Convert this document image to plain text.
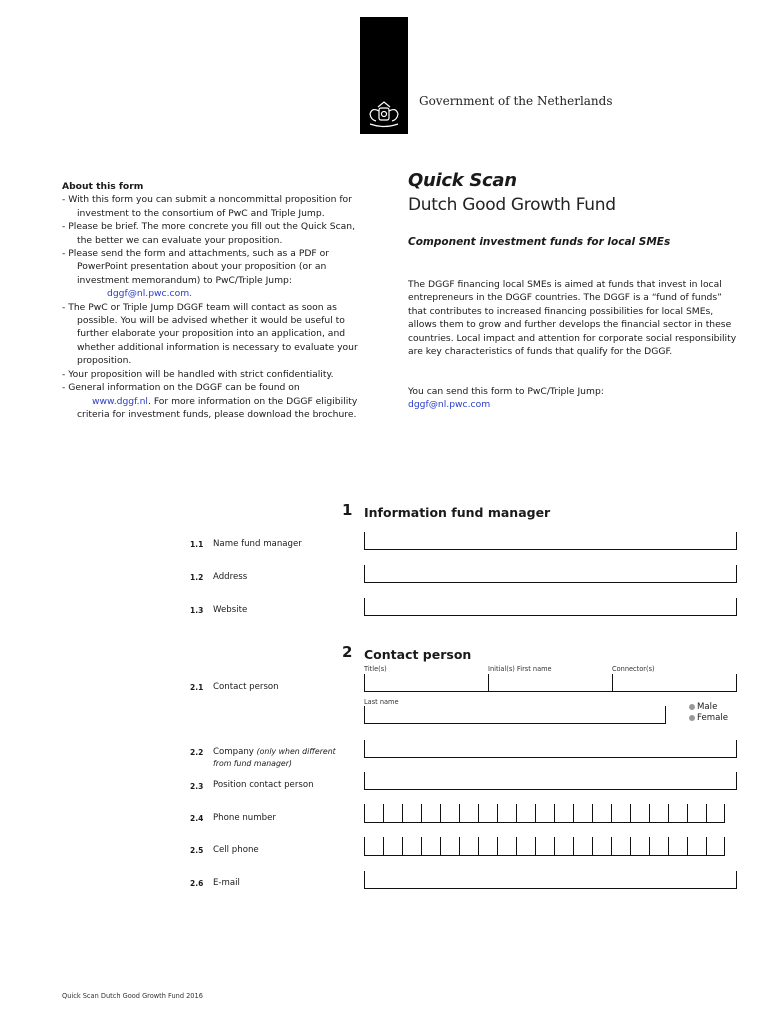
Government of the Netherlands
About this form
- With this form you can submit a noncommittal proposition for investment to the consortium of PwC and Triple Jump.
- Please be brief. The more concrete you fill out the Quick Scan, the better we can evaluate your proposition.
- Please send the form and attachments, such as a PDF or PowerPoint presentation about your proposition (or an investment memorandum) to PwC/Triple Jump:
dggf@nl.pwc.com.
- The PwC or Triple Jump DGGF team will contact as soon as possible. You will be advised whether it would be useful to further elaborate your proposition into an application, and whether additional information is necessary to evaluate your proposition.
- Your proposition will be handled with strict confidentiality.
- General information on the DGGF can be found on
www.dggf.nl. For more information on the DGGF eligibility criteria for investment funds, please download the brochure.
Quick Scan
Dutch Good Growth Fund
Component investment funds for local SMEs
The DGGF financing local SMEs is aimed at funds that invest in local entrepreneurs in the DGGF countries. The DGGF is a “fund of funds” that contributes to increased financing possibilities for local SMEs, allows them to grow and further develops the financial sector in these countries. Local impact and attention for corporate social responsibility are key characteristics of funds that qualify for the DGGF.
You can send this form to PwC/Triple Jump:
dggf@nl.pwc.com
1 Information fund manager
1.1 Name fund manager
1.2 Address
1.3 Website
2 Contact person
Title(s)	Initial(s) First name	Connector(s)
2.1 Contact person
Last name	Male
Female
2.2 Company (only when different from fund manager)
2.3 Position contact person
2.4 Phone number
2.5 Cell phone
2.6 E-mail
Quick Scan Dutch Good Growth Fund 2016
